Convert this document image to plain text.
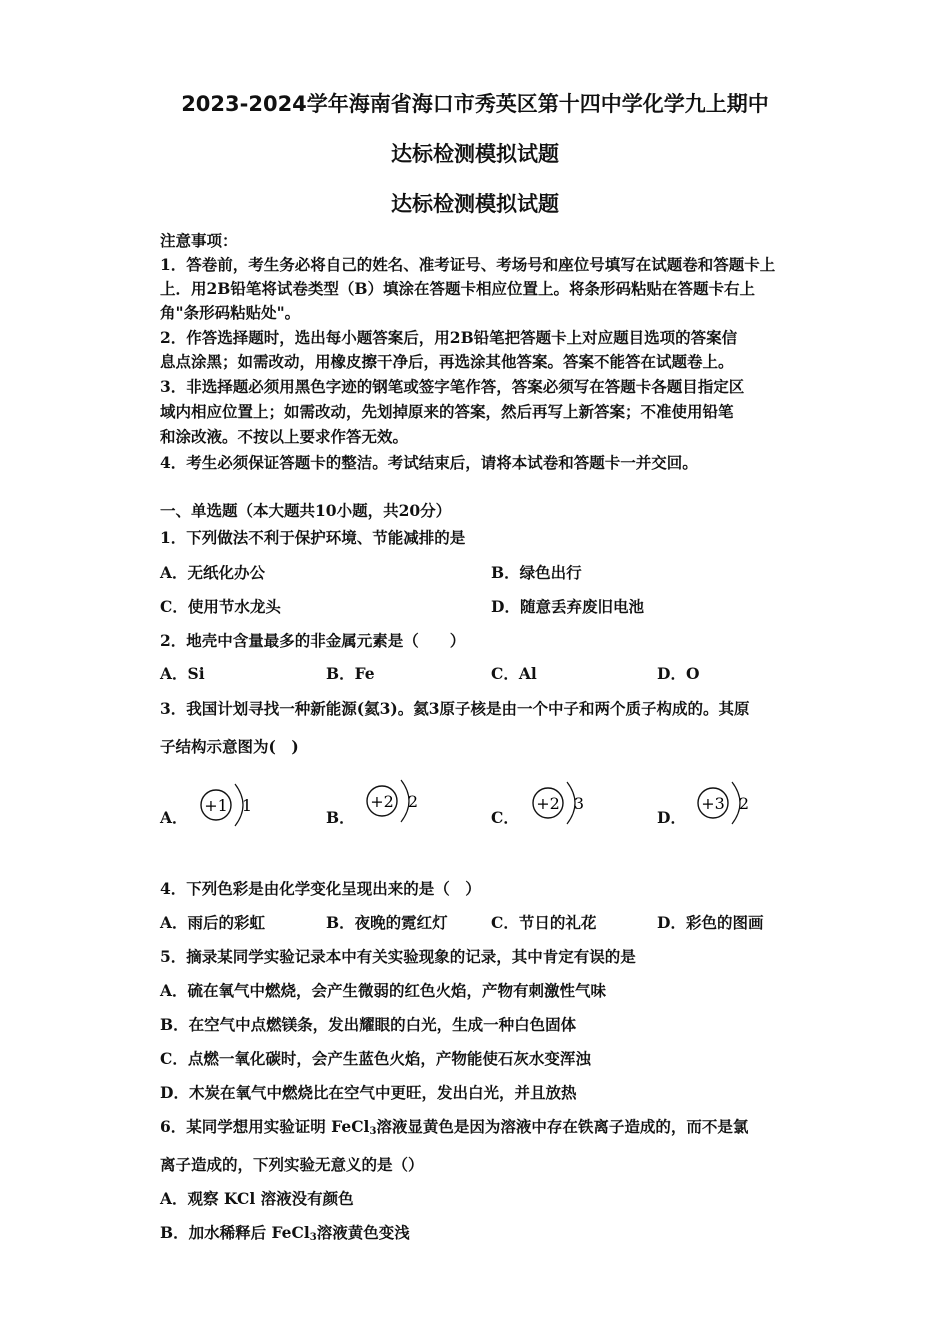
2023-2024学年海南省海口市秀英区第十四中学化学九上期中
达标检测模拟试题
达标检测模拟试题
注意事项：
1．答卷前，考生务必将自己的姓名、准考证号、考场号和座位号填写在试题卷和答题卡上
上．用2B铅笔将试卷类型（B）填涂在答题卡相应位置上。将条形码粘贴在答题卡右上
角"条形码粘贴处"。
2．作答选择题时，选出每小题答案后，用2B铅笔把答题卡上对应题目选项的答案信
息点涂黑；如需改动，用橡皮擦干净后，再选涂其他答案。答案不能答在试题卷上。
3．非选择题必须用黑色字迹的钢笔或签字笔作答，答案必须写在答题卡各题目指定区
域内相应位置上；如需改动，先划掉原来的答案，然后再写上新答案；不准使用铅笔
和涂改液。不按以上要求作答无效。
4．考生必须保证答题卡的整洁。考试结束后，请将本试卷和答题卡一并交回。
一、单选题（本大题共10小题，共20分）
1．下列做法不利于保护环境、节能减排的是
A．无纸化办公	B．绿色出行
C．使用节水龙头	D．随意丢弃废旧电池
2．地壳中含量最多的非金属元素是（　　）
A．Si	B．Fe	C．Al	D．O
3．我国计划寻找一种新能源(氦3)。氦3原子核是由一个中子和两个质子构成的。其原
子结构示意图为(　)
A．
+1 1
B．
+2 2
C．
+2 3
D．
+3 2
4．下列色彩是由化学变化呈现出来的是（　）
A．雨后的彩虹	B．夜晚的霓红灯	C．节日的礼花	D．彩色的图画
5．摘录某同学实验记录本中有关实验现象的记录，其中肯定有误的是
A．硫在氧气中燃烧，会产生微弱的红色火焰，产物有刺激性气味
B．在空气中点燃镁条，发出耀眼的白光，生成一种白色固体
C．点燃一氧化碳时，会产生蓝色火焰，产物能使石灰水变浑浊
D．木炭在氧气中燃烧比在空气中更旺，发出白光，并且放热
6．某同学想用实验证明 FeCl$_3$溶液显黄色是因为溶液中存在铁离子造成的，而不是氯
离子造成的，下列实验无意义的是（）
A．观察 KCl 溶液没有颜色
B．加水稀释后 FeCl$_3$溶液黄色变浅
